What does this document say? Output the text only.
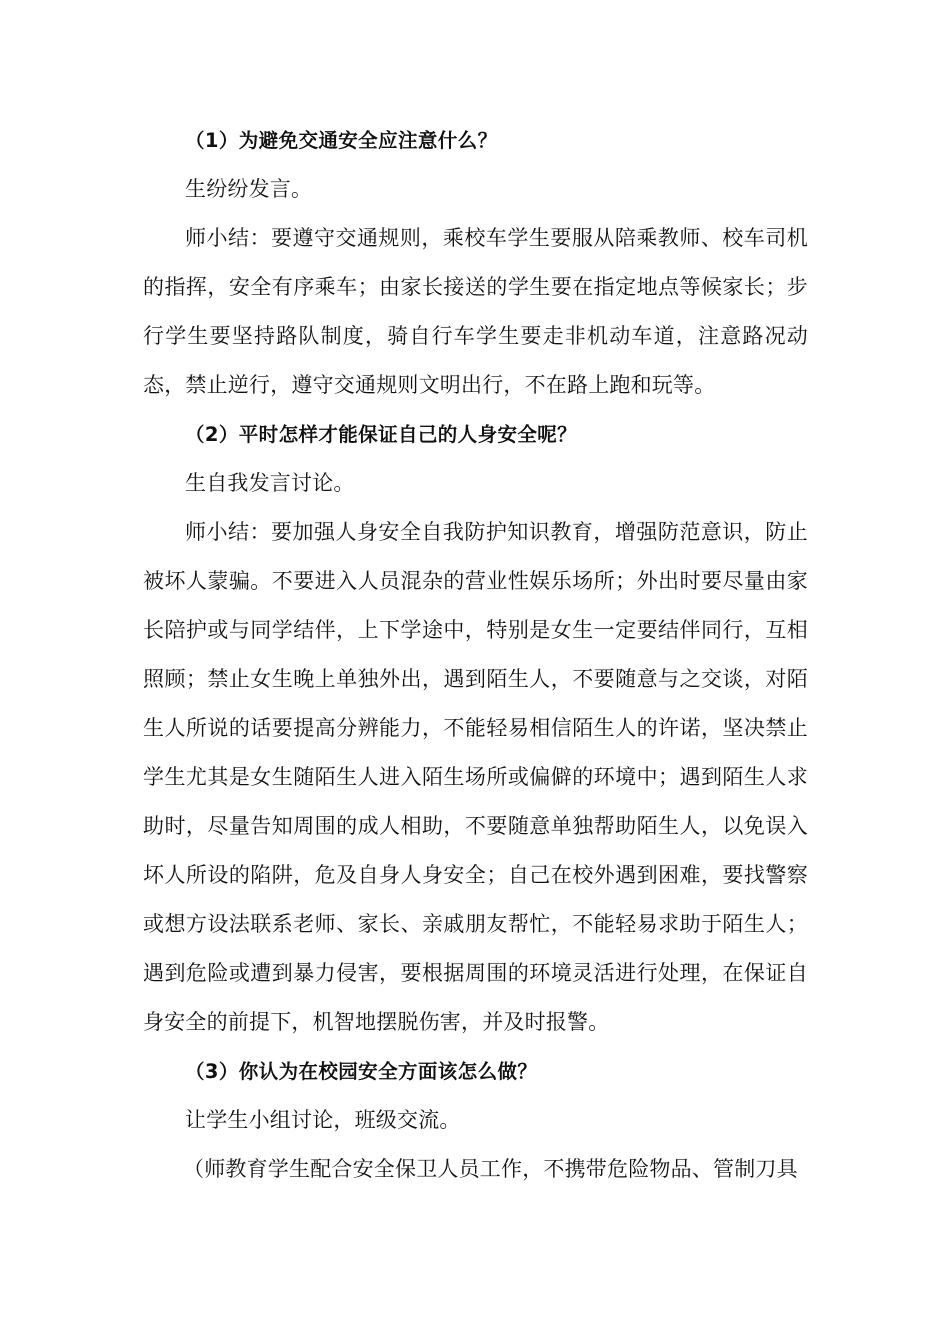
（1）为避免交通安全应注意什么？

生纷纷发言。

师小结：要遵守交通规则，乘校车学生要服从陪乘教师、校车司机的指挥，安全有序乘车；由家长接送的学生要在指定地点等候家长；步行学生要坚持路队制度，骑自行车学生要走非机动车道，注意路况动态，禁止逆行，遵守交通规则文明出行，不在路上跑和玩等。

（2）平时怎样才能保证自己的人身安全呢？

生自我发言讨论。

师小结：要加强人身安全自我防护知识教育，增强防范意识，防止被坏人蒙骗。不要进入人员混杂的营业性娱乐场所；外出时要尽量由家长陪护或与同学结伴，上下学途中，特别是女生一定要结伴同行，互相照顾；禁止女生晚上单独外出，遇到陌生人，不要随意与之交谈，对陌生人所说的话要提高分辨能力，不能轻易相信陌生人的许诺，坚决禁止学生尤其是女生随陌生人进入陌生场所或偏僻的环境中；遇到陌生人求助时，尽量告知周围的成人相助，不要随意单独帮助陌生人，以免误入坏人所设的陷阱，危及自身人身安全；自己在校外遇到困难，要找警察或想方设法联系老师、家长、亲戚朋友帮忙，不能轻易求助于陌生人；遇到危险或遭到暴力侵害，要根据周围的环境灵活进行处理，在保证自身安全的前提下，机智地摆脱伤害，并及时报警。

（3）你认为在校园安全方面该怎么做？

让学生小组讨论，班级交流。

（师教育学生配合安全保卫人员工作，不携带危险物品、管制刀具
